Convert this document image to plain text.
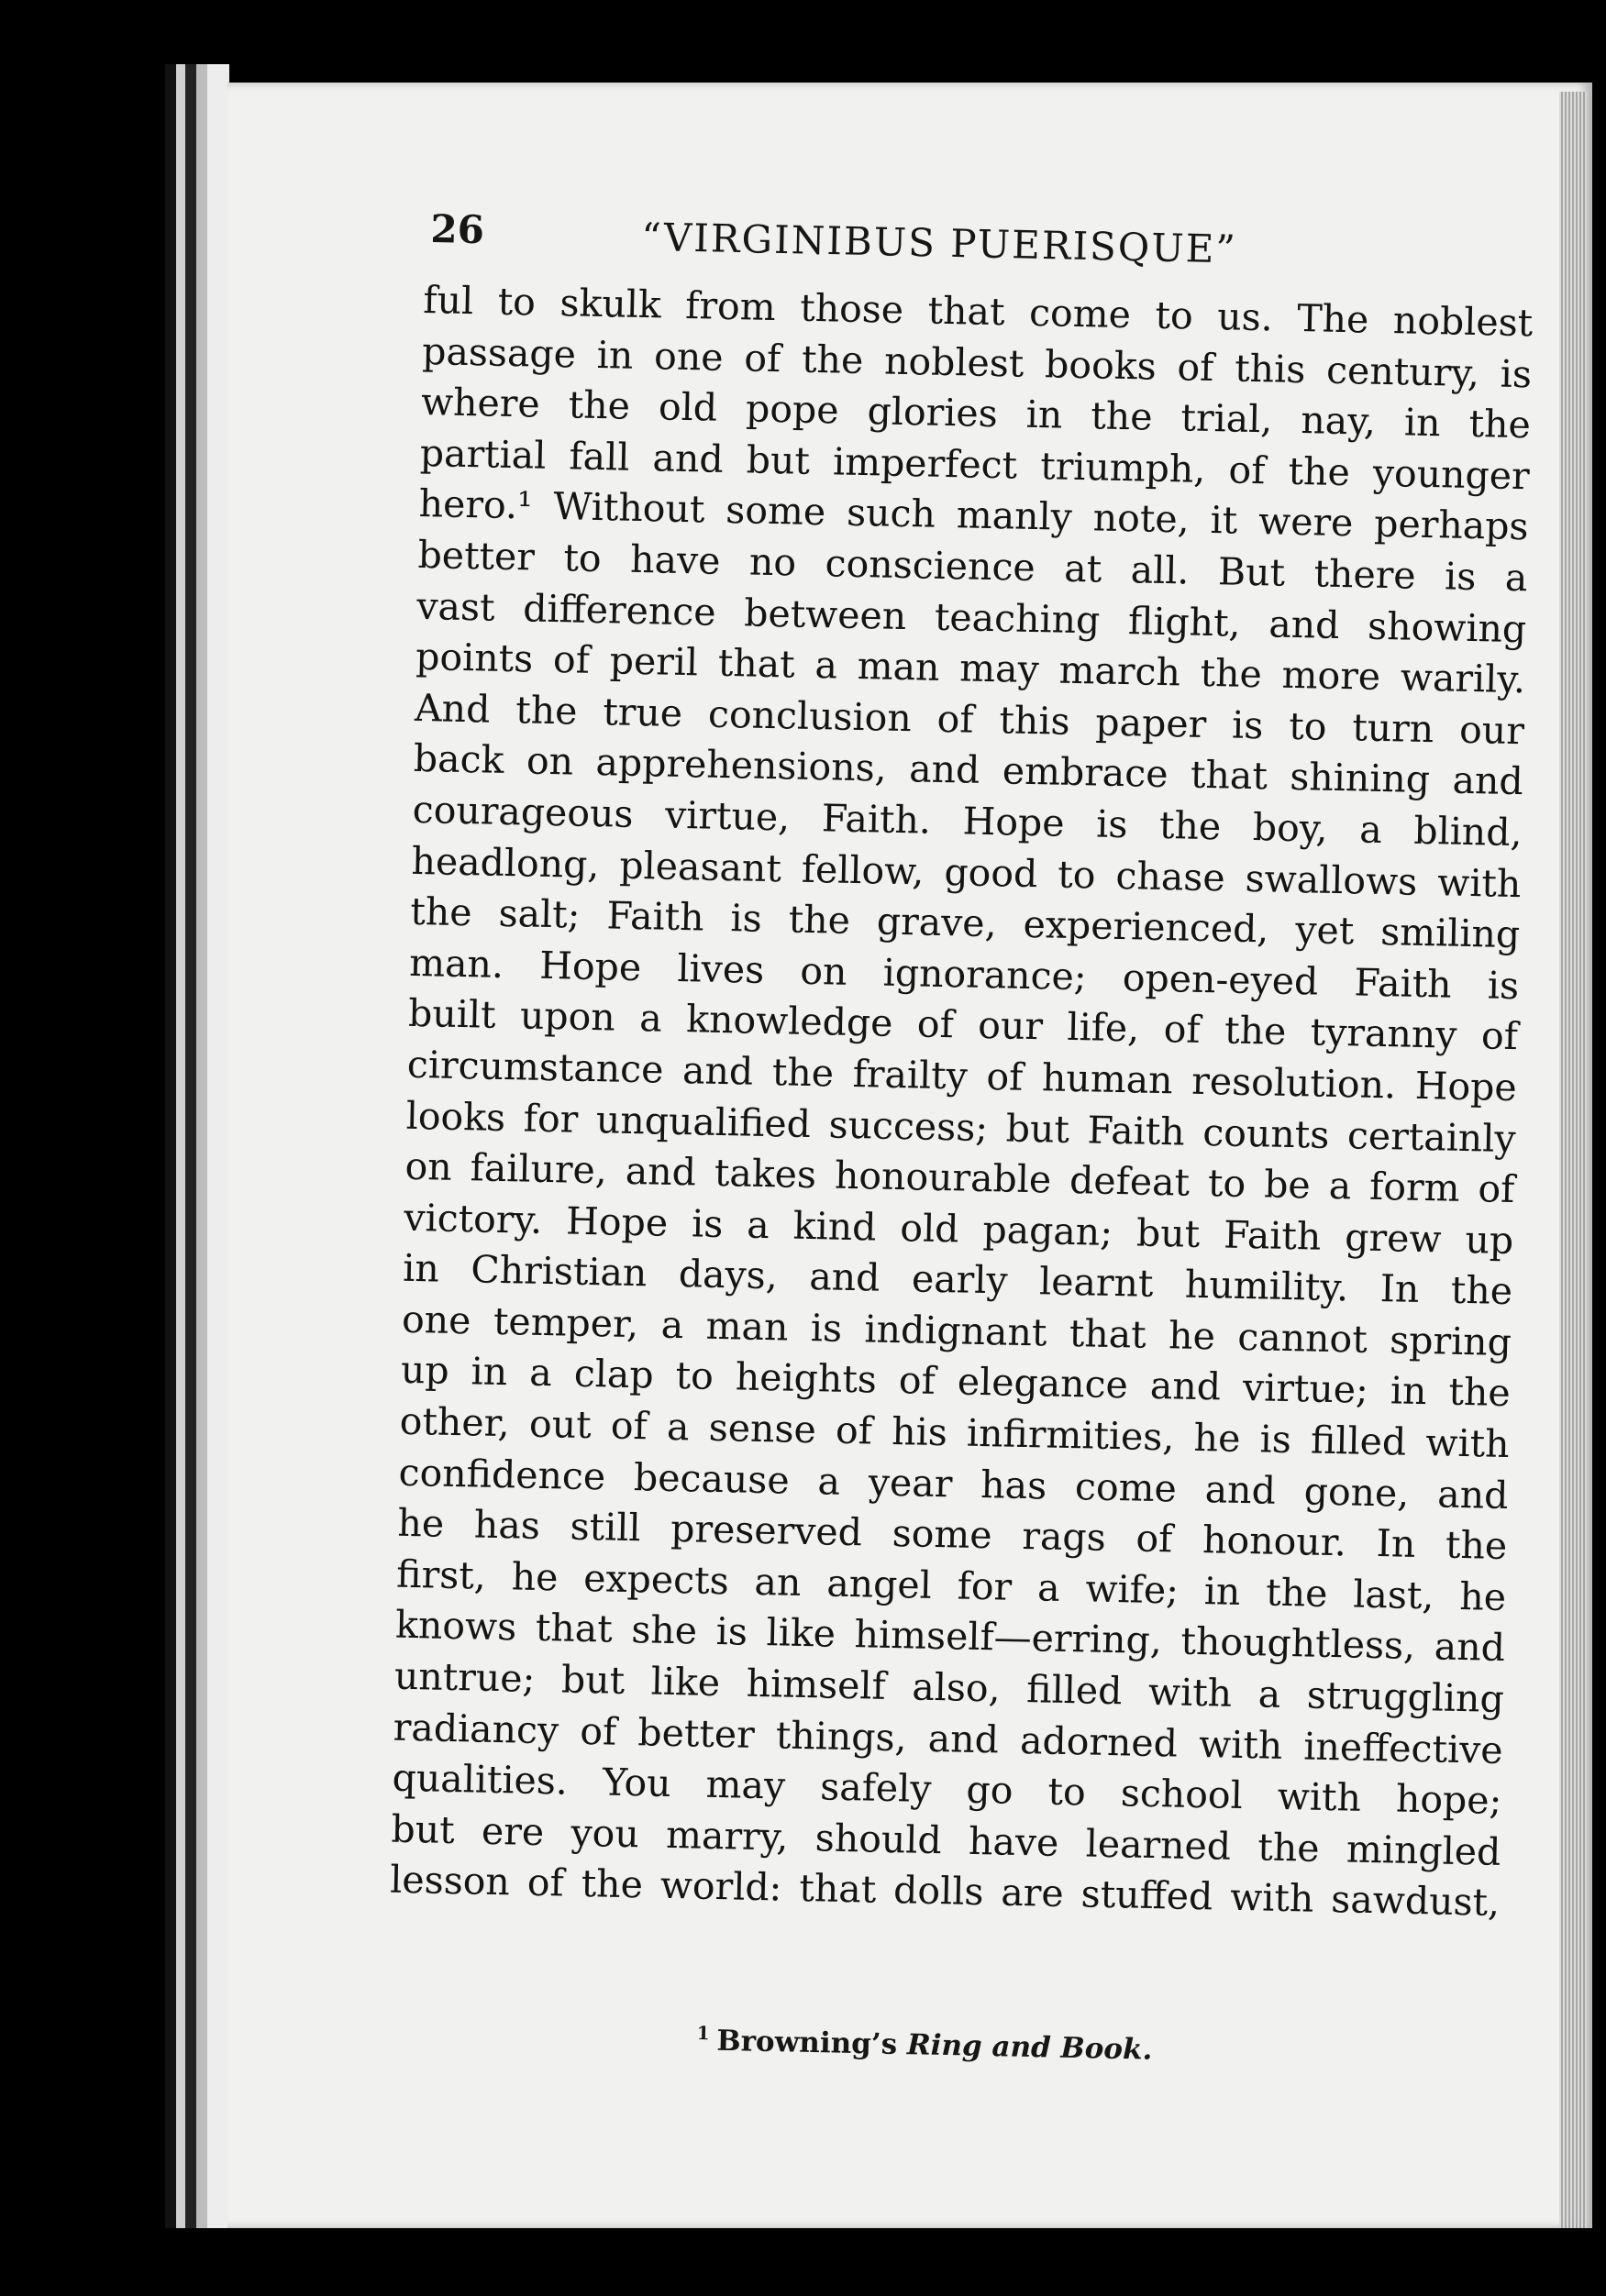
26	“VIRGINIBUS PUERISQUE”
ful to skulk from those that come to us. The noblest
passage in one of the noblest books of this century, is
where the old pope glories in the trial, nay, in the
partial fall and but imperfect triumph, of the younger
hero.¹ Without some such manly note, it were perhaps
better to have no conscience at all. But there is a
vast difference between teaching flight, and showing
points of peril that a man may march the more warily.
And the true conclusion of this paper is to turn our
back on apprehensions, and embrace that shining and
courageous virtue, Faith. Hope is the boy, a blind,
headlong, pleasant fellow, good to chase swallows with
the salt; Faith is the grave, experienced, yet smiling
man. Hope lives on ignorance; open-eyed Faith is
built upon a knowledge of our life, of the tyranny of
circumstance and the frailty of human resolution. Hope
looks for unqualified success; but Faith counts certainly
on failure, and takes honourable defeat to be a form of
victory. Hope is a kind old pagan; but Faith grew up
in Christian days, and early learnt humility. In the
one temper, a man is indignant that he cannot spring
up in a clap to heights of elegance and virtue; in the
other, out of a sense of his infirmities, he is filled with
confidence because a year has come and gone, and
he has still preserved some rags of honour. In the
first, he expects an angel for a wife; in the last, he
knows that she is like himself—erring, thoughtless, and
untrue; but like himself also, filled with a struggling
radiancy of better things, and adorned with ineffective
qualities. You may safely go to school with hope;
but ere you marry, should have learned the mingled
lesson of the world: that dolls are stuffed with sawdust,
$^1$ Browning’s Ring and Book.
